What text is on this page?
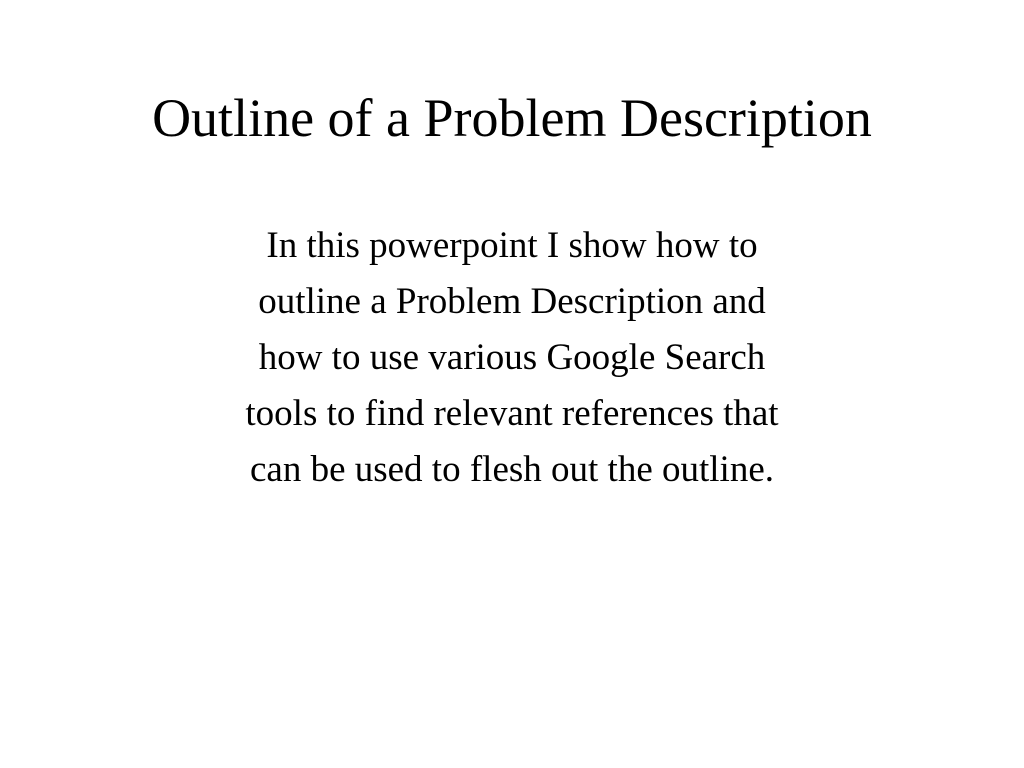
Outline of a Problem Description

In this powerpoint I show how to
outline a Problem Description and
how to use various Google Search
tools to find relevant references that
can be used to flesh out the outline.
